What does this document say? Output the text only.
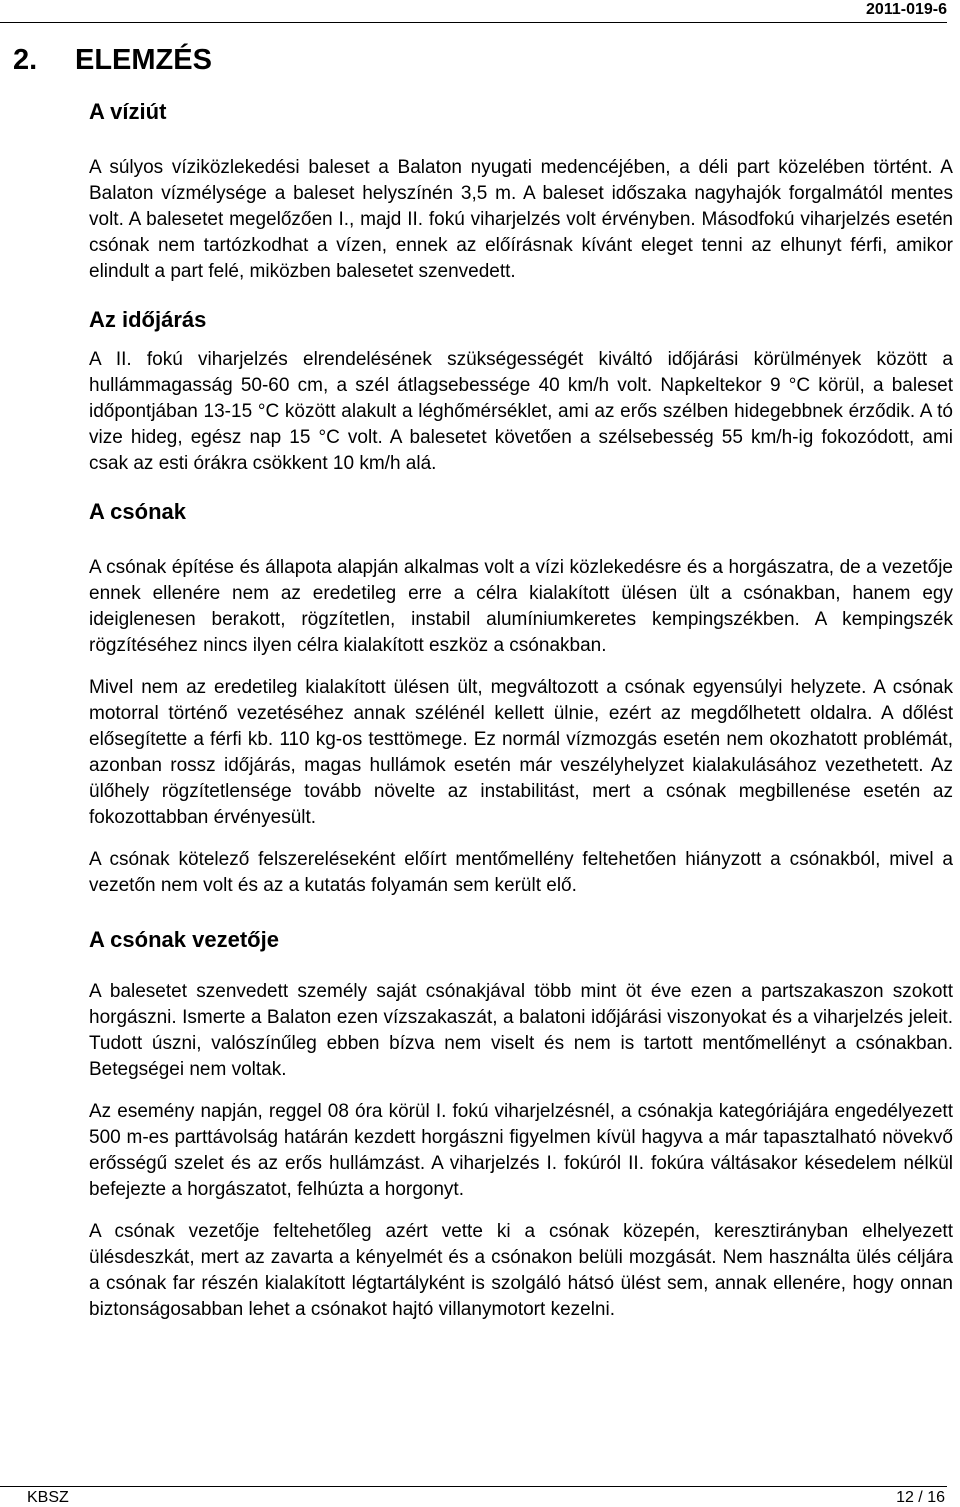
2011-019-6
2. ELEMZÉS
A víziút

A súlyos víziközlekedési baleset a Balaton nyugati medencéjében, a déli part közelében történt. A Balaton vízmélysége a baleset helyszínén 3,5 m. A baleset időszaka nagyhajók forgalmától mentes volt. A balesetet megelőzően I., majd II. fokú viharjelzés volt érvényben. Másodfokú viharjelzés esetén csónak nem tartózkodhat a vízen, ennek az előírásnak kívánt eleget tenni az elhunyt férfi, amikor elindult a part felé, miközben balesetet szenvedett.

Az időjárás

A II. fokú viharjelzés elrendelésének szükségességét kiváltó időjárási körülmények között a hullámmagasság 50-60 cm, a szél átlagsebessége 40 km/h volt. Napkeltekor 9 °C körül, a baleset időpontjában 13-15 °C között alakult a léghőmérséklet, ami az erős szélben hidegebbnek érződik. A tó vize hideg, egész nap 15 °C volt. A balesetet követően a szélsebesség 55 km/h-ig fokozódott, ami csak az esti órákra csökkent 10 km/h alá.

A csónak

A csónak építése és állapota alapján alkalmas volt a vízi közlekedésre és a horgászatra, de a vezetője ennek ellenére nem az eredetileg erre a célra kialakított ülésen ült a csónakban, hanem egy ideiglenesen berakott, rögzítetlen, instabil alumíniumkeretes kempingszékben. A kempingszék rögzítéséhez nincs ilyen célra kialakított eszköz a csónakban.

Mivel nem az eredetileg kialakított ülésen ült, megváltozott a csónak egyensúlyi helyzete. A csónak motorral történő vezetéséhez annak szélénél kellett ülnie, ezért az megdőlhetett oldalra. A dőlést elősegítette a férfi kb. 110 kg-os testtömege. Ez normál vízmozgás esetén nem okozhatott problémát, azonban rossz időjárás, magas hullámok esetén már veszélyhelyzet kialakulásához vezethetett. Az ülőhely rögzítetlensége tovább növelte az instabilitást, mert a csónak megbillenése esetén az fokozottabban érvényesült.

A csónak kötelező felszereléseként előírt mentőmellény feltehetően hiányzott a csónakból, mivel a vezetőn nem volt és az a kutatás folyamán sem került elő.

A csónak vezetője

A balesetet szenvedett személy saját csónakjával több mint öt éve ezen a partszakaszon szokott horgászni. Ismerte a Balaton ezen vízszakaszát, a balatoni időjárási viszonyokat és a viharjelzés jeleit. Tudott úszni, valószínűleg ebben bízva nem viselt és nem is tartott mentőmellényt a csónakban. Betegségei nem voltak.

Az esemény napján, reggel 08 óra körül I. fokú viharjelzésnél, a csónakja kategóriájára engedélyezett 500 m-es parttávolság határán kezdett horgászni figyelmen kívül hagyva a már tapasztalható növekvő erősségű szelet és az erős hullámzást. A viharjelzés I. fokúról II. fokúra váltásakor késedelem nélkül befejezte a horgászatot, felhúzta a horgonyt.

A csónak vezetője feltehetőleg azért vette ki a csónak közepén, keresztirányban elhelyezett ülésdeszkát, mert az zavarta a kényelmét és a csónakon belüli mozgását. Nem használta ülés céljára a csónak far részén kialakított légtartályként is szolgáló hátsó ülést sem, annak ellenére, hogy onnan biztonságosabban lehet a csónakot hajtó villanymotort kezelni.

KBSZ	12 / 16
